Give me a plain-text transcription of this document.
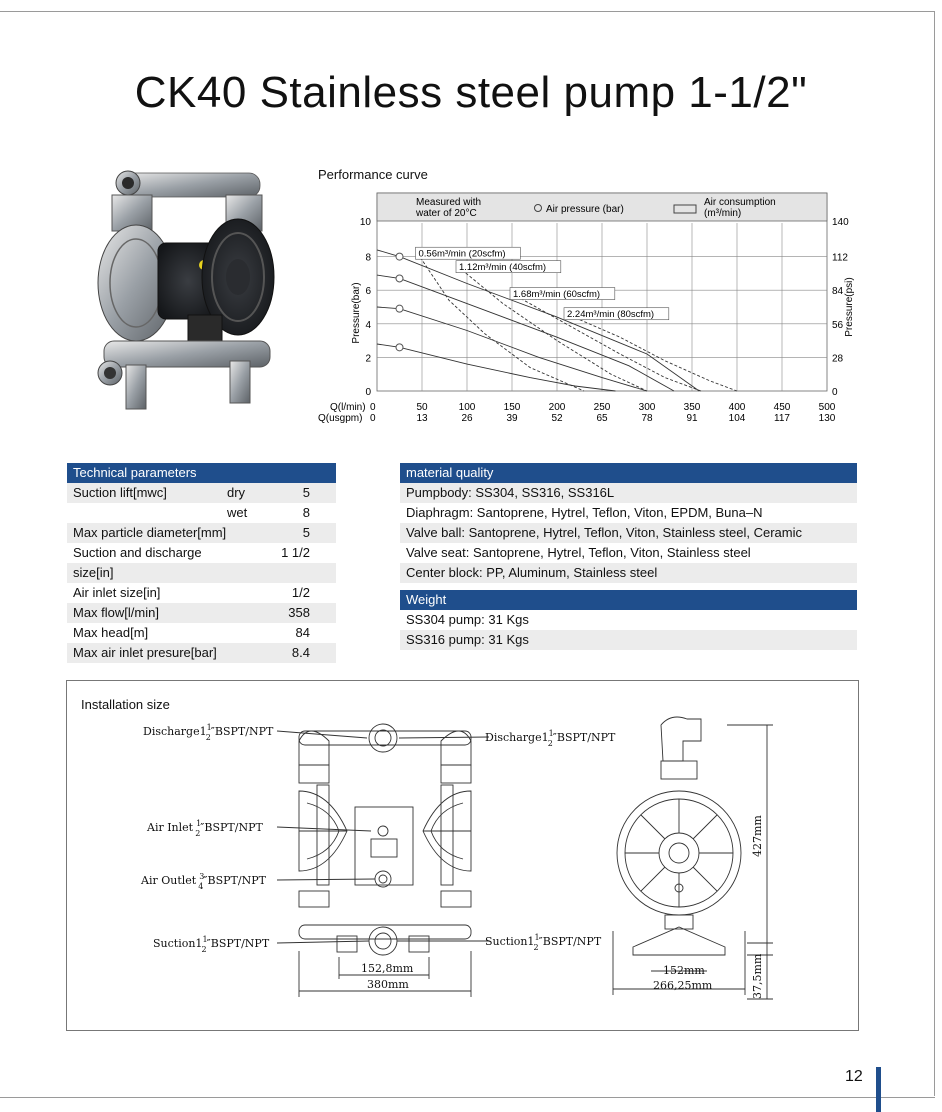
CK40 Stainless steel pump 1-1/2"
Performance curve
Measured with
water of 20°C	Air pressure (bar)
Air consumption
(m³/min)
50
13
100
26
150
39
200
52
250
65
300
78
350
91
400
104
450
117
500
130
0
0
0	0
2	28
4	56
6	84
8	112
10	140
0.56m³/min (20scfm)
1.12m³/min (40scfm)
1.68m³/min (60scfm)
2.24m³/min (80scfm)
Pressure(bar)	Pressure(psi)
Q(l/min)
Q(usgpm)
Technical parameters
Suction lift[mwc]	dry	5
wet	8
Max particle diameter[mm]	5
Suction and discharge	1 1/2
size[in]
Air inlet size[in]	1/2
Max flow[l/min]	358
Max head[m]	84
Max air inlet presure[bar]	8.4
material quality
Pumpbody: SS304, SS316, SS316L
Diaphragm: Santoprene, Hytrel, Teflon, Viton, EPDM, Buna–N
Valve ball: Santoprene, Hytrel, Teflon, Viton, Stainless steel, Ceramic
Valve seat: Santoprene, Hytrel, Teflon, Viton, Stainless steel
Center block: PP, Aluminum, Stainless steel
Weight
SS304 pump: 31 Kgs
SS316 pump: 31 Kgs
Installation size
$Discharge1^1$ 2″BSPT/NPT	$Discharge1^1$ 2″BSPT/NPT
Air Inlet $^1$ 2″BSPT/NPT
Air Outlet $^3$ 4″BSPT/NPT
$Suction1^1$ 2″BSPT/NPT	$Suction1^1$ 2″BSPT/NPT
152,8mm
380mm
152mm
266,25mm
427mm
37,5mm
12
